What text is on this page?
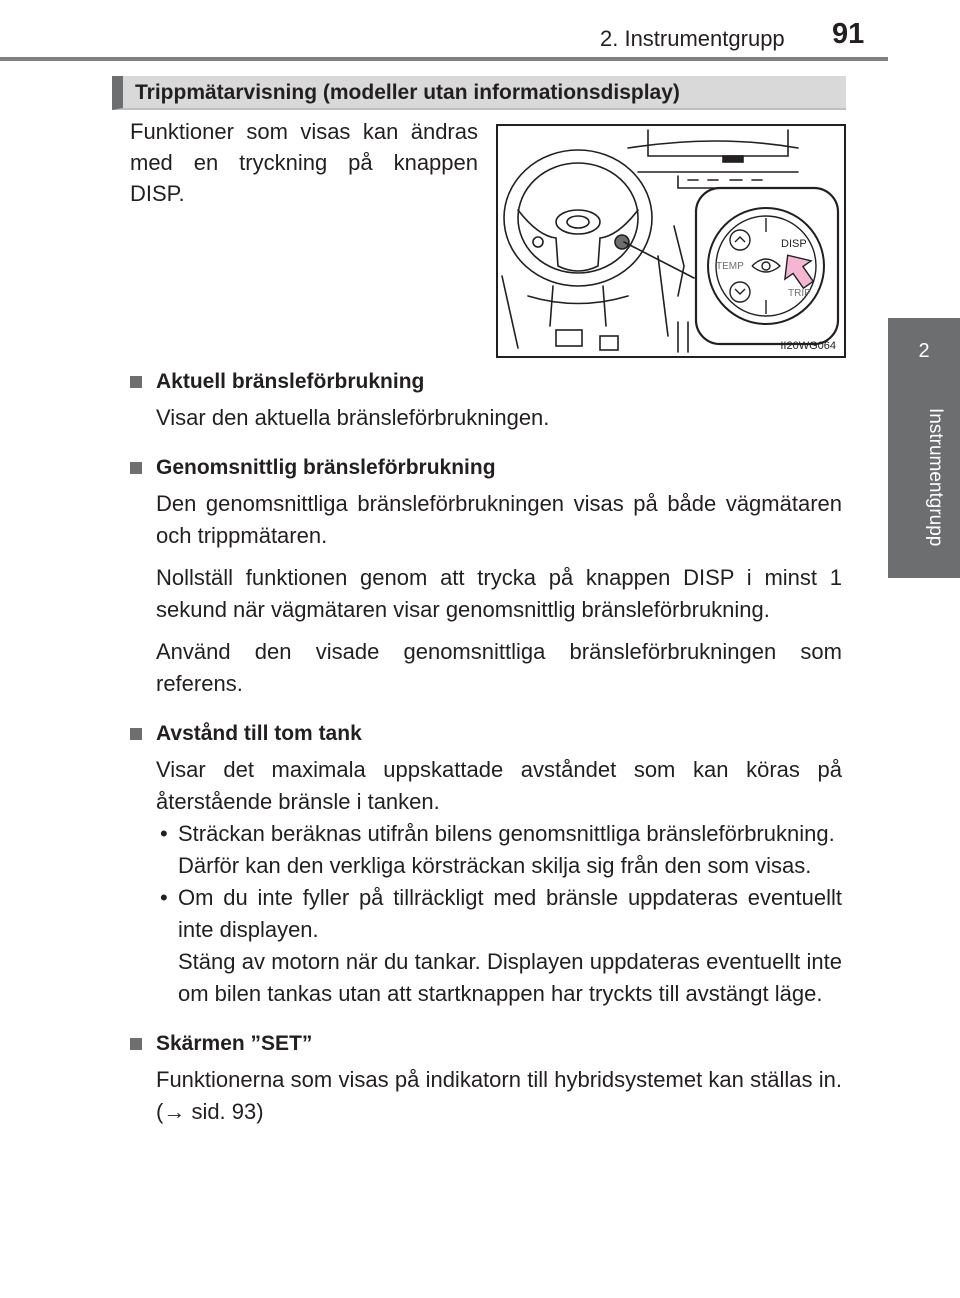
2. Instrumentgrupp	91
2
Instrumentgrupp
Trippmätarvisning (modeller utan informationsdisplay)
Funktioner som visas kan ändras med en tryckning på knappen DISP.
DISP
TEMP
TRIP
II20WG064
Aktuell bränsleförbrukning

Visar den aktuella bränsleförbrukningen.

Genomsnittlig bränsleförbrukning

Den genomsnittliga bränsleförbrukningen visas på både vägmätaren och trippmätaren.

Nollställ funktionen genom att trycka på knappen DISP i minst 1 sekund när vägmätaren visar genomsnittlig bränsleförbrukning.

Använd den visade genomsnittliga bränsleförbrukningen som referens.

Avstånd till tom tank

Visar det maximala uppskattade avståndet som kan köras på återstående bränsle i tanken.

• Sträckan beräknas utifrån bilens genomsnittliga bränsleförbrukning.

Därför kan den verkliga körsträckan skilja sig från den som visas.

• Om du inte fyller på tillräckligt med bränsle uppdateras eventuellt inte displayen.

Stäng av motorn när du tankar. Displayen uppdateras eventuellt inte om bilen tankas utan att startknappen har tryckts till avstängt läge.

Skärmen ”SET”

Funktionerna som visas på indikatorn till hybridsystemet kan ställas in. (→ sid. 93)
